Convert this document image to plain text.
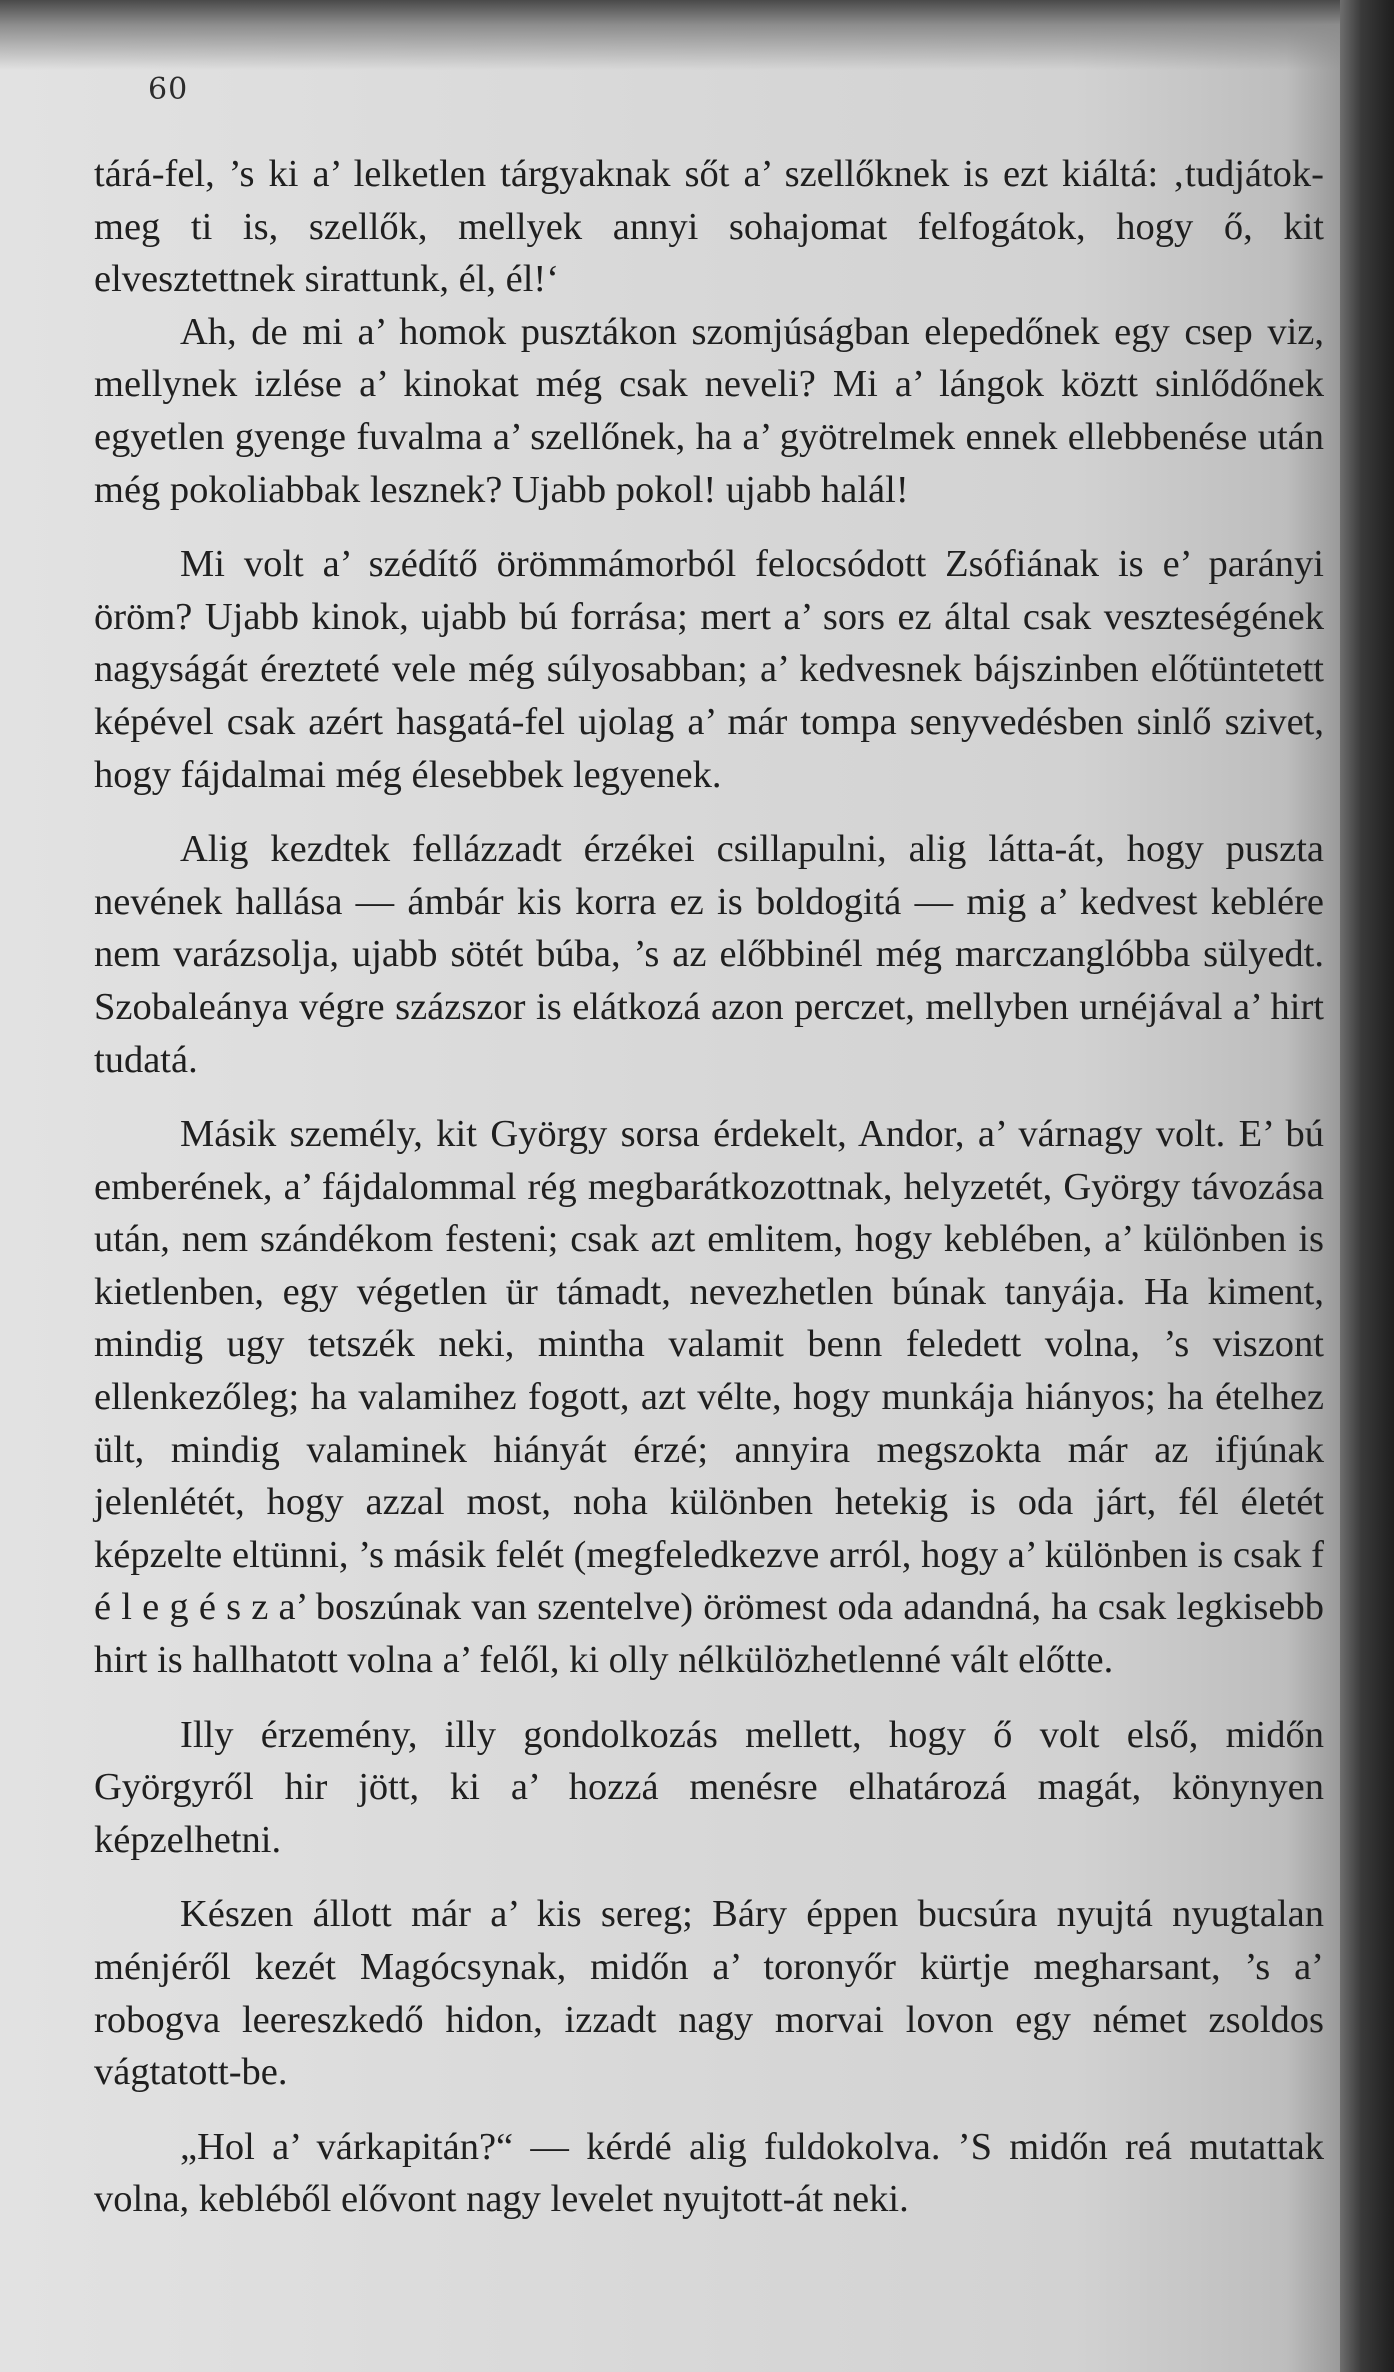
60

tárá-fel, ’s ki a’ lelketlen tárgyaknak sőt a’ szellőknek is ezt kiáltá: ‚tudjátok-meg ti is, szellők, mellyek annyi sohajomat felfogátok, hogy ő, kit elvesztettnek sirattunk, él, él!‘

Ah, de mi a’ homok pusztákon szomjúságban elepedőnek egy csep viz, mellynek izlése a’ kinokat még csak neveli? Mi a’ lángok köztt sinlődőnek egyetlen gyenge fuvalma a’ szellőnek, ha a’ gyötrelmek ennek ellebbenése után még pokoliabbak lesznek? Ujabb pokol! ujabb halál!

Mi volt a’ szédítő örömmámorból felocsódott Zsófiának is e’ parányi öröm? Ujabb kinok, ujabb bú forrása; mert a’ sors ez által csak veszteségének nagyságát érezteté vele még súlyosabban; a’ kedvesnek bájszinben előtüntetett képével csak azért hasgatá-fel ujolag a’ már tompa senyvedésben sinlő szivet, hogy fájdalmai még élesebbek legyenek.

Alig kezdtek fellázzadt érzékei csillapulni, alig látta-át, hogy puszta nevének hallása — ámbár kis korra ez is boldogitá — mig a’ kedvest keblére nem varázsolja, ujabb sötét búba, ’s az előbbinél még marczanglóbba sülyedt. Szobaleánya végre százszor is elátkozá azon perczet, mellyben urnéjával a’ hirt tudatá.

Másik személy, kit György sorsa érdekelt, Andor, a’ várnagy volt. E’ bú emberének, a’ fájdalommal rég megbarátkozottnak, helyzetét, György távozása után, nem szándékom festeni; csak azt emlitem, hogy keblében, a’ különben is kietlenben, egy végetlen ür támadt, nevezhetlen búnak tanyája. Ha kiment, mindig ugy tetszék neki, mintha valamit benn feledett volna, ’s viszont ellenkezőleg; ha valamihez fogott, azt vélte, hogy munkája hiányos; ha ételhez ült, mindig valaminek hiányát érzé; annyira megszokta már az ifjúnak jelenlétét, hogy azzal most, noha különben hetekig is oda járt, fél életét képzelte eltünni, ’s másik felét (megfeledkezve arról, hogy a’ különben is csak f é l e g é s z a’ boszúnak van szentelve) örömest oda adandná, ha csak legkisebb hirt is hallhatott volna a’ felől, ki olly nélkülözhetlenné vált előtte.

Illy érzemény, illy gondolkozás mellett, hogy ő volt első, midőn Györgyről hir jött, ki a’ hozzá menésre elhatározá magát, könynyen képzelhetni.

Készen állott már a’ kis sereg; Báry éppen bucsúra nyujtá nyugtalan ménjéről kezét Magócsynak, midőn a’ toronyőr kürtje megharsant, ’s a’ robogva leereszkedő hidon, izzadt nagy morvai lovon egy német zsoldos vágtatott-be.

„Hol a’ várkapitán?“ — kérdé alig fuldokolva. ’S midőn reá mutattak volna, kebléből elővont nagy levelet nyujtott-át neki.
